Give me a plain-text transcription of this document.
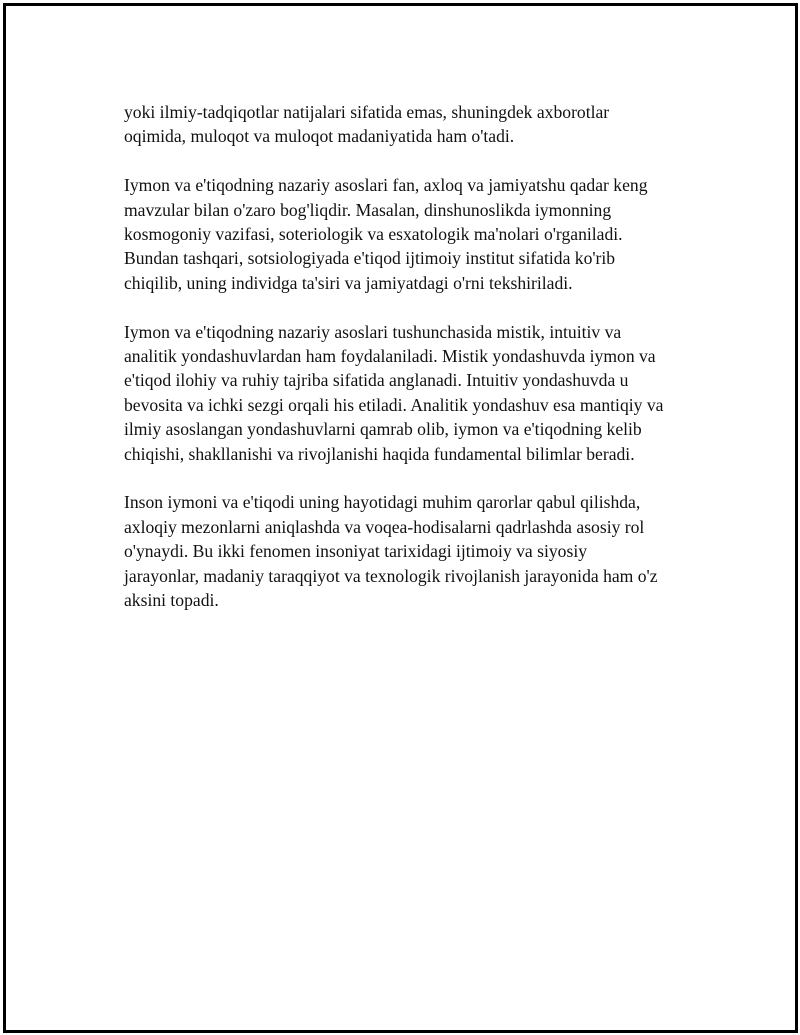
yoki ilmiy-tadqiqotlar natijalari sifatida emas, shuningdek axborotlar
oqimida, muloqot va muloqot madaniyatida ham o'tadi.

Iymon va e'tiqodning nazariy asoslari fan, axloq va jamiyatshu qadar keng
mavzular bilan o'zaro bog'liqdir. Masalan, dinshunoslikda iymonning
kosmogoniy vazifasi, soteriologik va esxatologik ma'nolari o'rganiladi.
Bundan tashqari, sotsiologiyada e'tiqod ijtimoiy institut sifatida ko'rib
chiqilib, uning individga ta'siri va jamiyatdagi o'rni tekshiriladi.

Iymon va e'tiqodning nazariy asoslari tushunchasida mistik, intuitiv va
analitik yondashuvlardan ham foydalaniladi. Mistik yondashuvda iymon va
e'tiqod ilohiy va ruhiy tajriba sifatida anglanadi. Intuitiv yondashuvda u
bevosita va ichki sezgi orqali his etiladi. Analitik yondashuv esa mantiqiy va
ilmiy asoslangan yondashuvlarni qamrab olib, iymon va e'tiqodning kelib
chiqishi, shakllanishi va rivojlanishi haqida fundamental bilimlar beradi.

Inson iymoni va e'tiqodi uning hayotidagi muhim qarorlar qabul qilishda,
axloqiy mezonlarni aniqlashda va voqea-hodisalarni qadrlashda asosiy rol
o'ynaydi. Bu ikki fenomen insoniyat tarixidagi ijtimoiy va siyosiy
jarayonlar, madaniy taraqqiyot va texnologik rivojlanish jarayonida ham o'z
aksini topadi.
